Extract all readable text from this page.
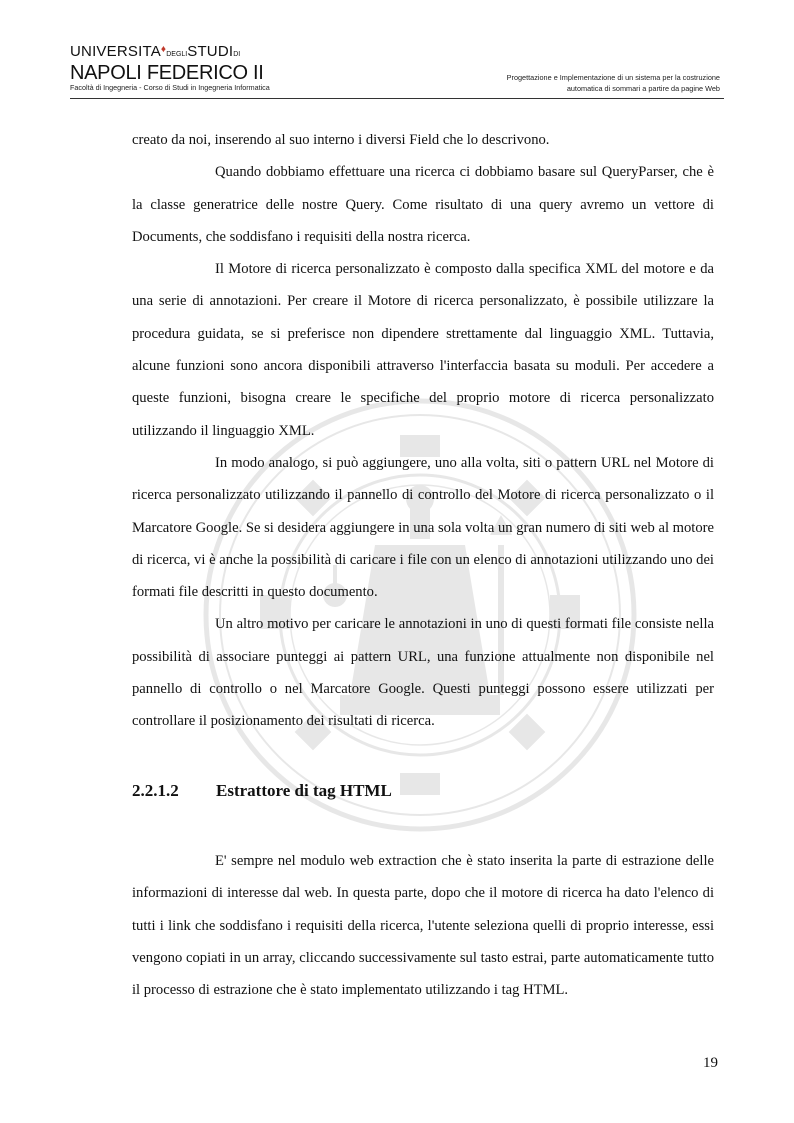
UNIVERSITA♦DEGLISTUDIDI
NAPOLI FEDERICO II
Facoltà di Ingegneria - Corso di Studi in Ingegneria Informatica
Progettazione e Implementazione di un sistema per la costruzione
automatica di sommari a partire da pagine Web

creato da noi, inserendo al suo interno i diversi Field che lo descrivono.

Quando dobbiamo effettuare una ricerca ci dobbiamo basare sul QueryParser, che è la classe generatrice delle nostre Query. Come risultato di una query avremo un vettore di Documents, che soddisfano i requisiti della nostra ricerca.

Il Motore di ricerca personalizzato è composto dalla specifica XML del motore e da una serie di annotazioni. Per creare il Motore di ricerca personalizzato, è possibile utilizzare la procedura guidata, se si preferisce non dipendere strettamente dal linguaggio XML. Tuttavia, alcune funzioni sono ancora disponibili attraverso l'interfaccia basata su moduli. Per accedere a queste funzioni, bisogna creare le specifiche del proprio motore di ricerca personalizzato utilizzando il linguaggio XML.

In modo analogo, si può aggiungere, uno alla volta, siti o pattern URL nel Motore di ricerca personalizzato utilizzando il pannello di controllo del Motore di ricerca personalizzato o il Marcatore Google. Se si desidera aggiungere in una sola volta un gran numero di siti web al motore di ricerca, vi è anche la possibilità di caricare i file con un elenco di annotazioni utilizzando uno dei formati file descritti in questo documento.

Un altro motivo per caricare le annotazioni in uno di questi formati file consiste nella possibilità di associare punteggi ai pattern URL, una funzione attualmente non disponibile nel pannello di controllo o nel Marcatore Google. Questi punteggi possono essere utilizzati per controllare il posizionamento dei risultati di ricerca.

2.2.1.2 Estrattore di tag HTML

E' sempre nel modulo web extraction che è stato inserita la parte di estrazione delle informazioni di interesse dal web. In questa parte, dopo che il motore di ricerca ha dato l'elenco di tutti i link che soddisfano i requisiti della ricerca, l'utente seleziona quelli di proprio interesse, essi vengono copiati in un array, cliccando successivamente sul tasto estrai, parte automaticamente tutto il processo di estrazione che è stato implementato utilizzando i tag HTML.

19
